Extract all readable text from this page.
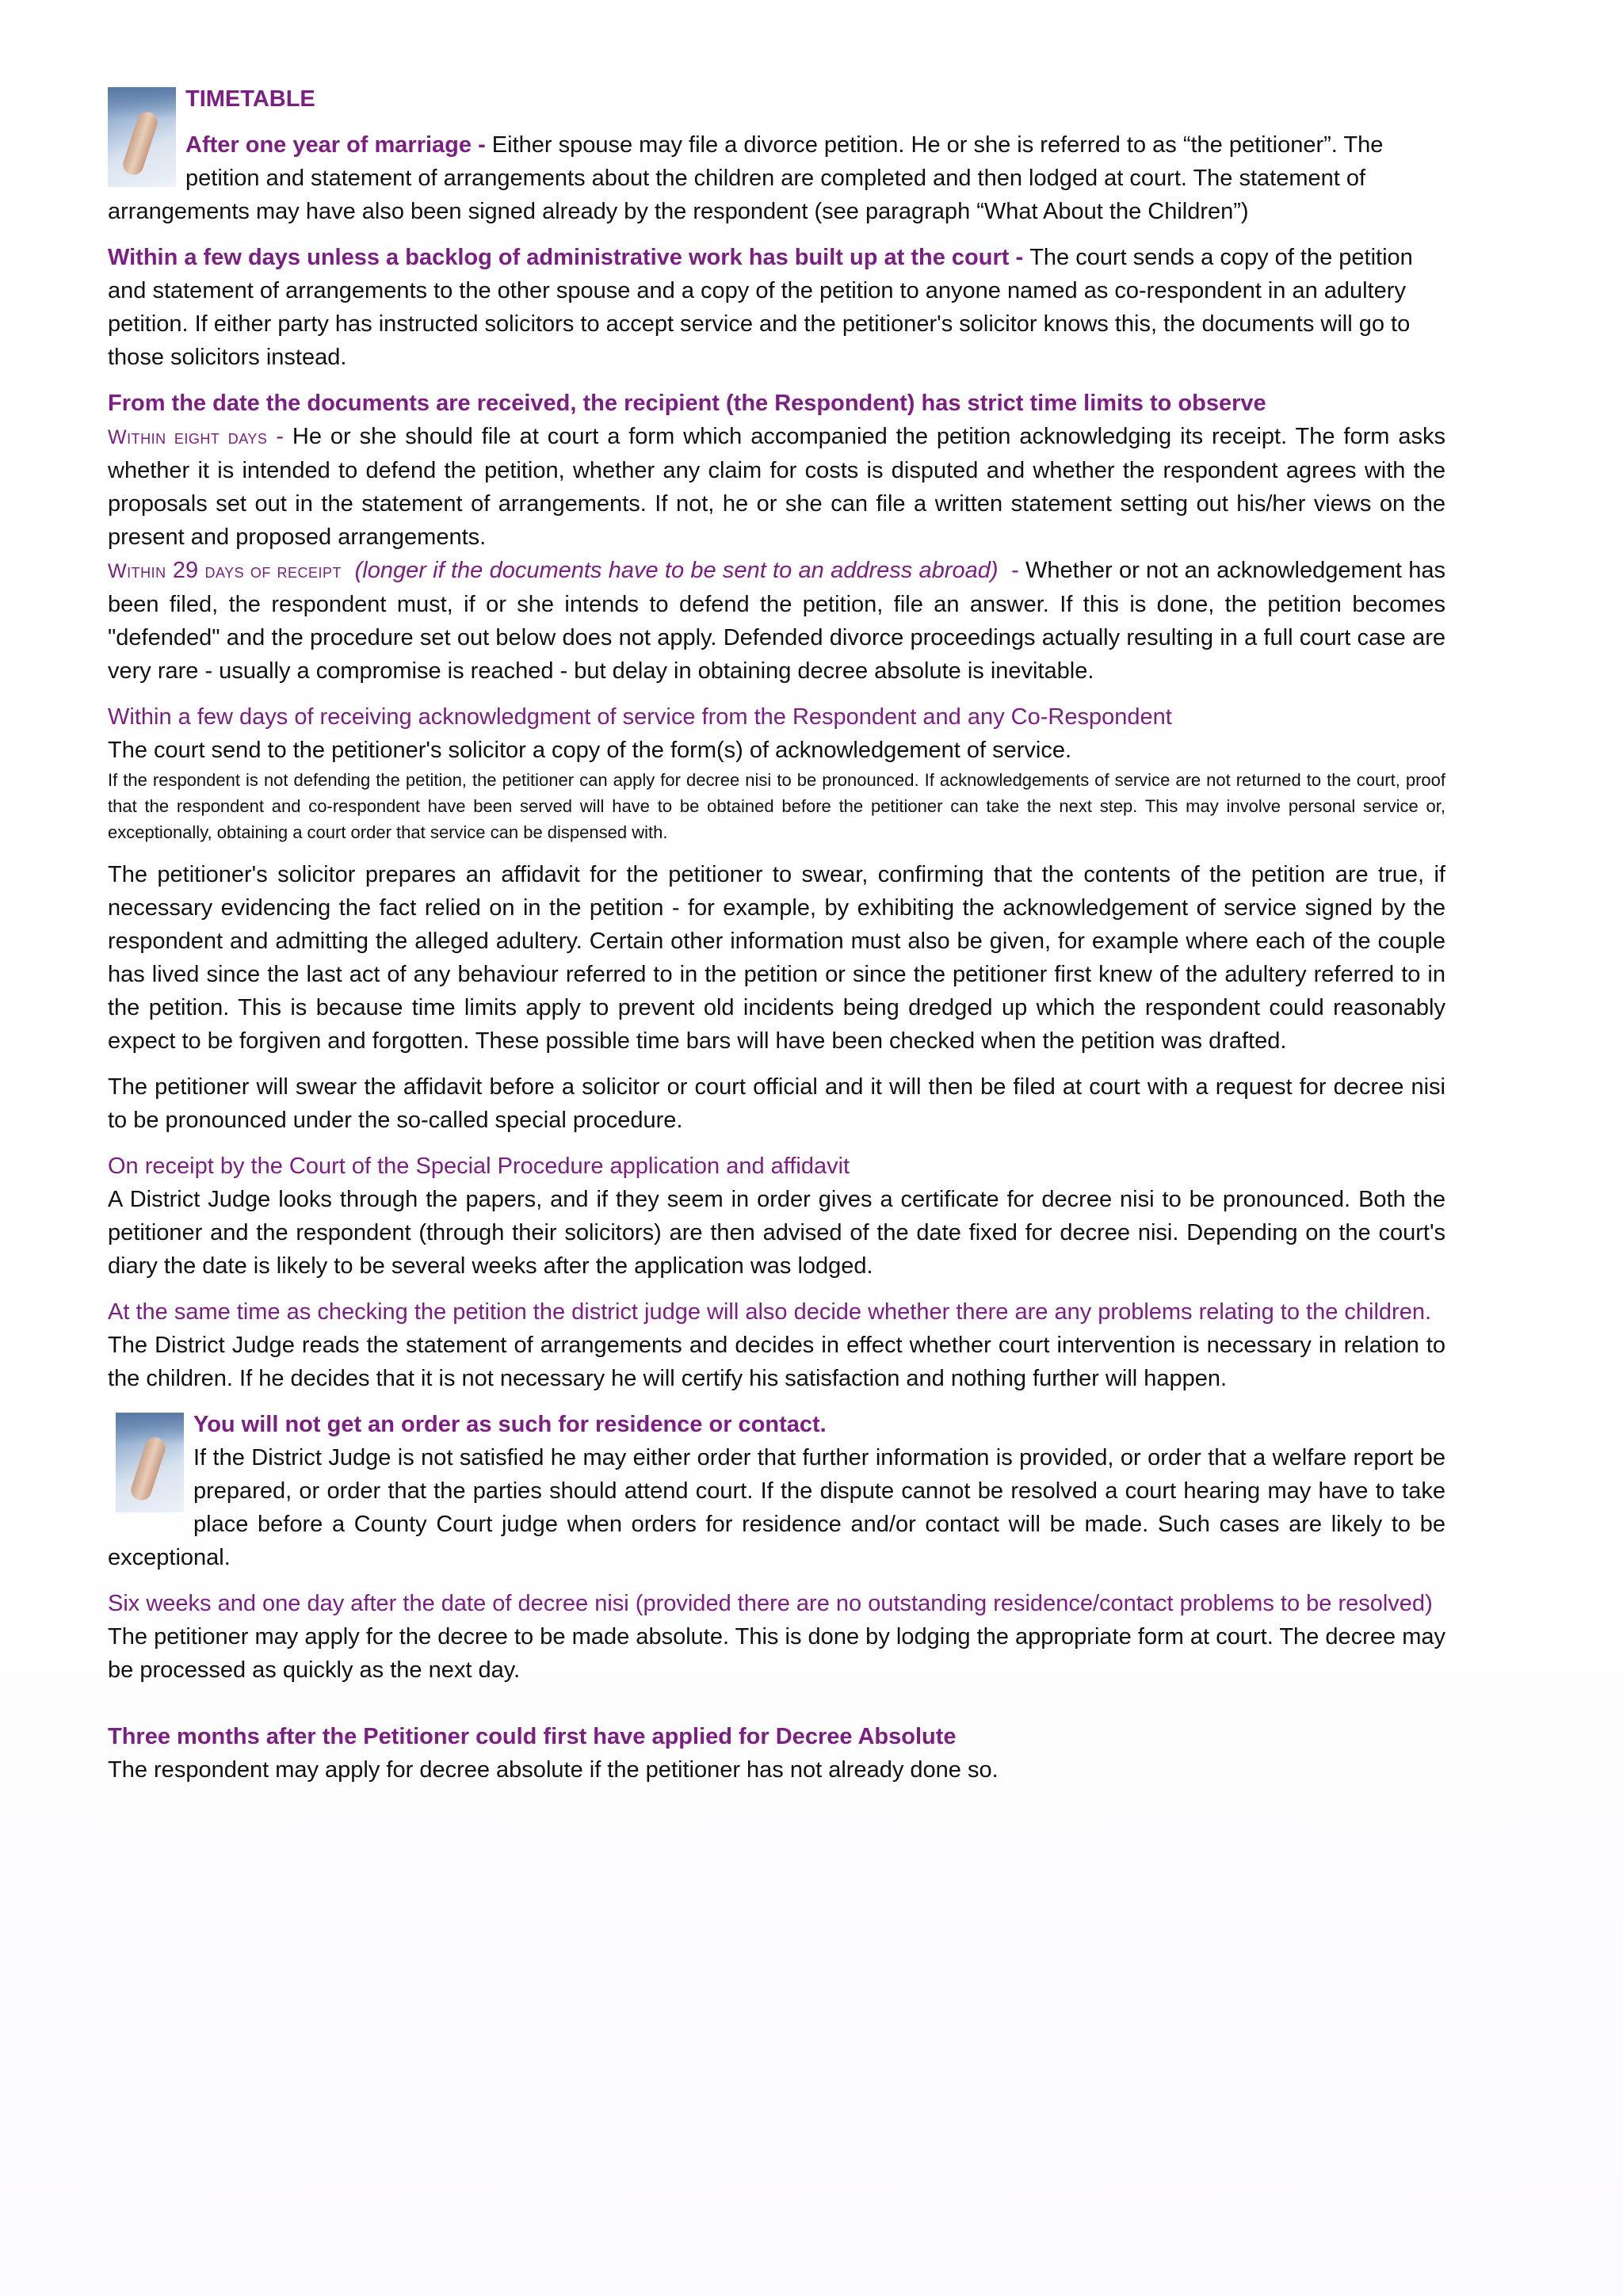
TIMETABLE

After one year of marriage - Either spouse may file a divorce petition. He or she is referred to as “the petitioner”. The petition and statement of arrangements about the children are completed and then lodged at court. The statement of arrangements may have also been signed already by the respondent (see paragraph “What About the Children”)

Within a few days unless a backlog of administrative work has built up at the court - The court sends a copy of the petition and statement of arrangements to the other spouse and a copy of the petition to anyone named as co-respondent in an adultery petition. If either party has instructed solicitors to accept service and the petitioner's solicitor knows this, the documents will go to those solicitors instead.

From the date the documents are received, the recipient (the Respondent) has strict time limits to observe

Within eight days - He or she should file at court a form which accompanied the petition acknowledging its receipt. The form asks whether it is intended to defend the petition, whether any claim for costs is disputed and whether the respondent agrees with the proposals set out in the statement of arrangements. If not, he or she can file a written statement setting out his/her views on the present and proposed arrangements.

Within 29 days of receipt (longer if the documents have to be sent to an address abroad)  - Whether or not an acknowledgement has been filed, the respondent must, if or she intends to defend the petition, file an answer. If this is done, the petition becomes "defended" and the procedure set out below does not apply. Defended divorce proceedings actually resulting in a full court case are very rare - usually a compromise is reached - but delay in obtaining decree absolute is inevitable.

Within a few days of receiving acknowledgment of service from the Respondent and any Co-Respondent

The court send to the petitioner's solicitor a copy of the form(s) of acknowledgement of service.

If the respondent is not defending the petition, the petitioner can apply for decree nisi to be pronounced. If acknowledgements of service are not returned to the court, proof that the respondent and co-respondent have been served will have to be obtained before the petitioner can take the next step. This may involve personal service or, exceptionally, obtaining a court order that service can be dispensed with.

The petitioner's solicitor prepares an affidavit for the petitioner to swear, confirming that the contents of the petition are true, if necessary evidencing the fact relied on in the petition - for example, by exhibiting the acknowledgement of service signed by the respondent and admitting the alleged adultery. Certain other information must also be given, for example where each of the couple has lived since the last act of any behaviour referred to in the petition or since the petitioner first knew of the adultery referred to in the petition. This is because time limits apply to prevent old incidents being dredged up which the respondent could reasonably expect to be forgiven and forgotten. These possible time bars will have been checked when the petition was drafted.

The petitioner will swear the affidavit before a solicitor or court official and it will then be filed at court with a request for decree nisi to be pronounced under the so-called special procedure.

On receipt by the Court of the Special Procedure application and affidavit

A District Judge looks through the papers, and if they seem in order gives a certificate for decree nisi to be pronounced. Both the petitioner and the respondent (through their solicitors) are then advised of the date fixed for decree nisi. Depending on the court's diary the date is likely to be several weeks after the application was lodged.

At the same time as checking the petition the district judge will also decide whether there are any problems relating to the children.

The District Judge reads the statement of arrangements and decides in effect whether court intervention is necessary in relation to the children. If he decides that it is not necessary he will certify his satisfaction and nothing further will happen.

You will not get an order as such for residence or contact.

If the District Judge is not satisfied he may either order that further information is provided, or order that a welfare report be prepared, or order that the parties should attend court. If the dispute cannot be resolved a court hearing may have to take place before a County Court judge when orders for residence and/or contact will be made. Such cases are likely to be exceptional.

Six weeks and one day after the date of decree nisi (provided there are no outstanding residence/contact problems to be resolved)

The petitioner may apply for the decree to be made absolute. This is done by lodging the appropriate form at court. The decree may be processed as quickly as the next day.

Three months after the Petitioner could first have applied for Decree Absolute

The respondent may apply for decree absolute if the petitioner has not already done so.
